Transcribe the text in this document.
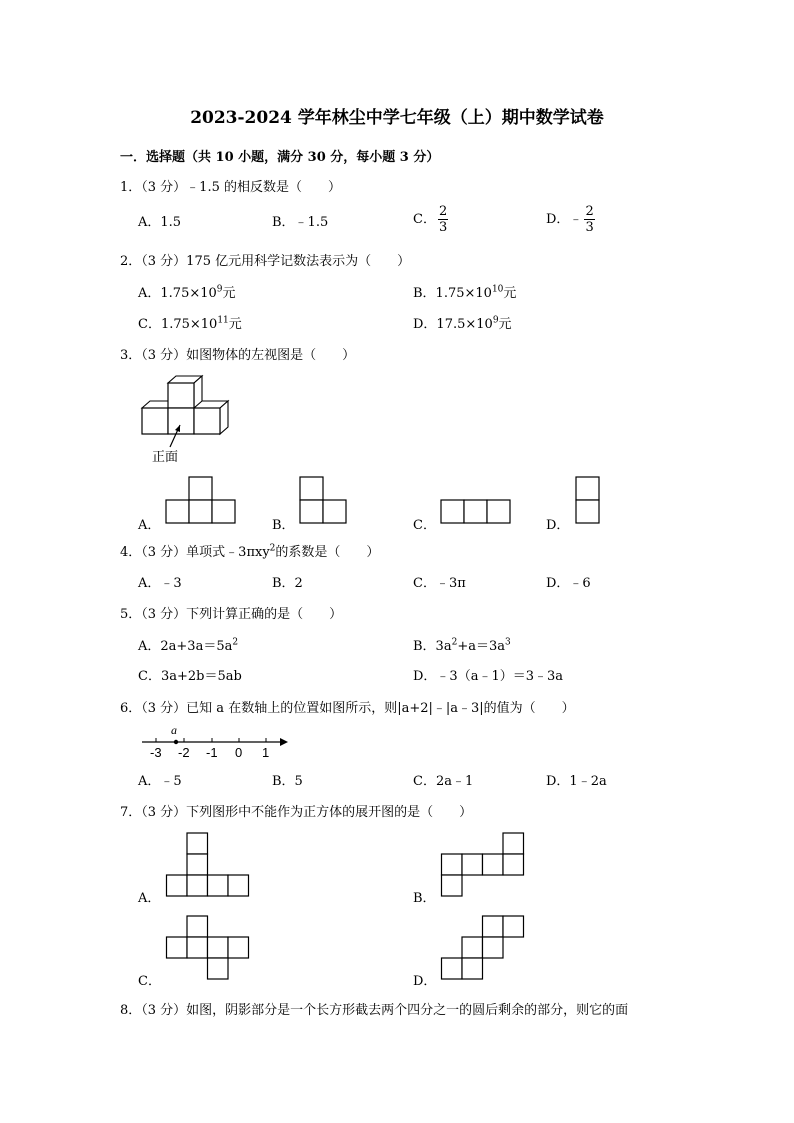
2023-2024 学年林尘中学七年级（上）期中数学试卷
一．选择题（共 10 小题，满分 30 分，每小题 3 分）
1．（3 分）﹣1.5 的相反数是（　　）
A．1.5	B．﹣1.5	C． $\frac{2}{3}$	D．﹣ $\frac{2}{3}$
2．（3 分）175 亿元用科学记数法表示为（　　）
A．$1.75\times 10^9$元	B．$1.75\times 10^{10}$元
C．$1.75\times 10^{11}$元	D．$17.5\times 10^9$元
3．（3 分）如图物体的左视图是（　　）
正面
A．	B．	C．	D．
4．（3 分）单项式﹣3πxy$^2$的系数是（　　）
A．﹣3	B．2	C．﹣3π	D．﹣6
5．（3 分）下列计算正确的是（　　）
A．$2a+3a=5a^2$	B．$3a^2+a=3a^3$
C．3a+2b＝5ab	D．﹣3（a﹣1）＝3﹣3a
6．（3 分）已知 a 在数轴上的位置如图所示，则|a+2|﹣|a﹣3|的值为（　　）
a
-3 -2 -1 0 1
A．﹣5	B．5	C．2a﹣1	D．1﹣2a
7．（3 分）下列图形中不能作为正方体的展开图的是（　　）
A．	B．
C．	D．
8．（3 分）如图，阴影部分是一个长方形截去两个四分之一的圆后剩余的部分，则它的面
